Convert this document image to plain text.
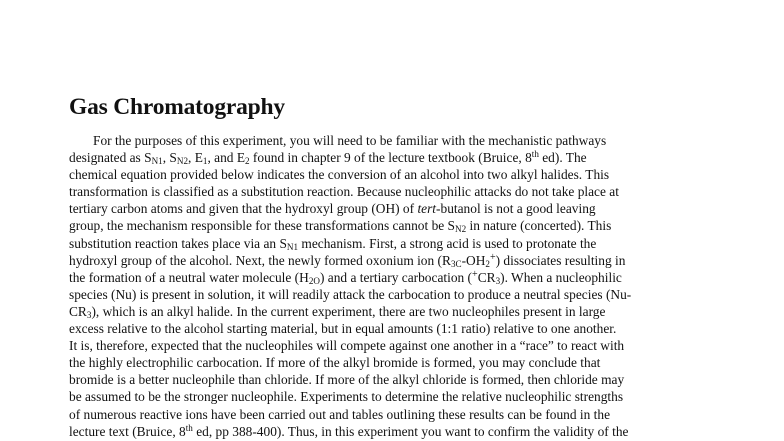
Gas Chromatography
For the purposes of this experiment, you will need to be familiar with the mechanistic pathways
designated as $S_{N1}$, $S_{N2}$, $E_1$, and $E_2$ found in chapter 9 of the lecture textbook (Bruice, 8th ed). The
chemical equation provided below indicates the conversion of an alcohol into two alkyl halides. This
transformation is classified as a substitution reaction. Because nucleophilic attacks do not take place at
tertiary carbon atoms and given that the hydroxyl group (OH) of tert-butanol is not a good leaving
group, the mechanism responsible for these transformations cannot be $S_{N2}$ in nature (concerted). This
substitution reaction takes place via an $S_{N1}$ mechanism. First, a strong acid is used to protonate the
hydroxyl group of the alcohol. Next, the newly formed oxonium ion $(R_{3C}-OH_2^+)$ dissociates resulting in
the formation of a neutral water molecule $(H_{2O})$ and a tertiary carbocation $(^+CR_3)$. When a nucleophilic
species (Nu) is present in solution, it will readily attack the carbocation to produce a neutral species (Nu-
$CR_3$), which is an alkyl halide. In the current experiment, there are two nucleophiles present in large
excess relative to the alcohol starting material, but in equal amounts (1:1 ratio) relative to one another.
It is, therefore, expected that the nucleophiles will compete against one another in a “race” to react with
the highly electrophilic carbocation. If more of the alkyl bromide is formed, you may conclude that
bromide is a better nucleophile than chloride. If more of the alkyl chloride is formed, then chloride may
be assumed to be the stronger nucleophile. Experiments to determine the relative nucleophilic strengths
of numerous reactive ions have been carried out and tables outlining these results can be found in the
lecture text (Bruice, 8th ed, pp 388-400). Thus, in this experiment you want to confirm the validity of the
